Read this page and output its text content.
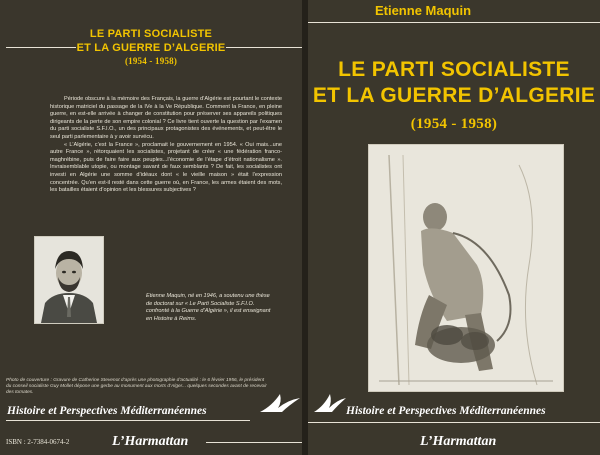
LE PARTI SOCIALISTE
ET LA GUERRE D’ALGERIE
(1954 - 1958)

Période obscure à la mémoire des Français, la guerre d’Algérie est pourtant le contexte historique matriciel du passage de la IVe à la Ve République. Comment la France, en pleine guerre, en est-elle arrivée à changer de constitution pour préserver ses appareils politiques dirigeants de la perte de son empire colonial ? Ce livre tient ouverte la question par l’examen du parti socialiste S.F.I.O., un des principaux protagonistes des événements, et peut-être le seul parti parlementaire à y avoir survécu.

« L’Algérie, c’est la France », proclamait le gouvernement en 1954. « Oui mais...une autre France », rétorquaient les socialistes, projetant de créer « une fédération franco-maghrébine, puis de faire faire aux peuples...l’économie de l’étape d’étroit nationalisme ». Invraisemblable utopie, ou montage savant de faux semblants ? De fait, les socialistes ont investi en Algérie une somme d’idéaux dont « le vieille maison » était l’expression concentrée. Qu’en est-il resté dans cette guerre où, en France, les armes étaient des mots, les batailles étaient d’opinion et les blessures subjectives ?

Etienne Maquin, né en 1946, a soutenu une thèse de doctorat sur « Le Parti Socialiste S.F.I.O. confronté à la Guerre d’Algérie », il est enseignant en Histoire à Reims.
Photo de couverture : Gravure de Catherine Stevenot d’après une photographie d’actualité : le 6 février 1956, le président du conseil socialiste Guy Mollet dépose une gerbe au monument aux morts d’Alger... quelques secondes avant de recevoir des tomates.
Histoire et Perspectives Méditerranéennes
ISBN : 2-7384-0674-2	L’Harmattan
Etienne Maquin
LE PARTI SOCIALISTE
ET LA GUERRE D’ALGERIE
(1954 - 1958)
Histoire et Perspectives Méditerranéennes
L’Harmattan
